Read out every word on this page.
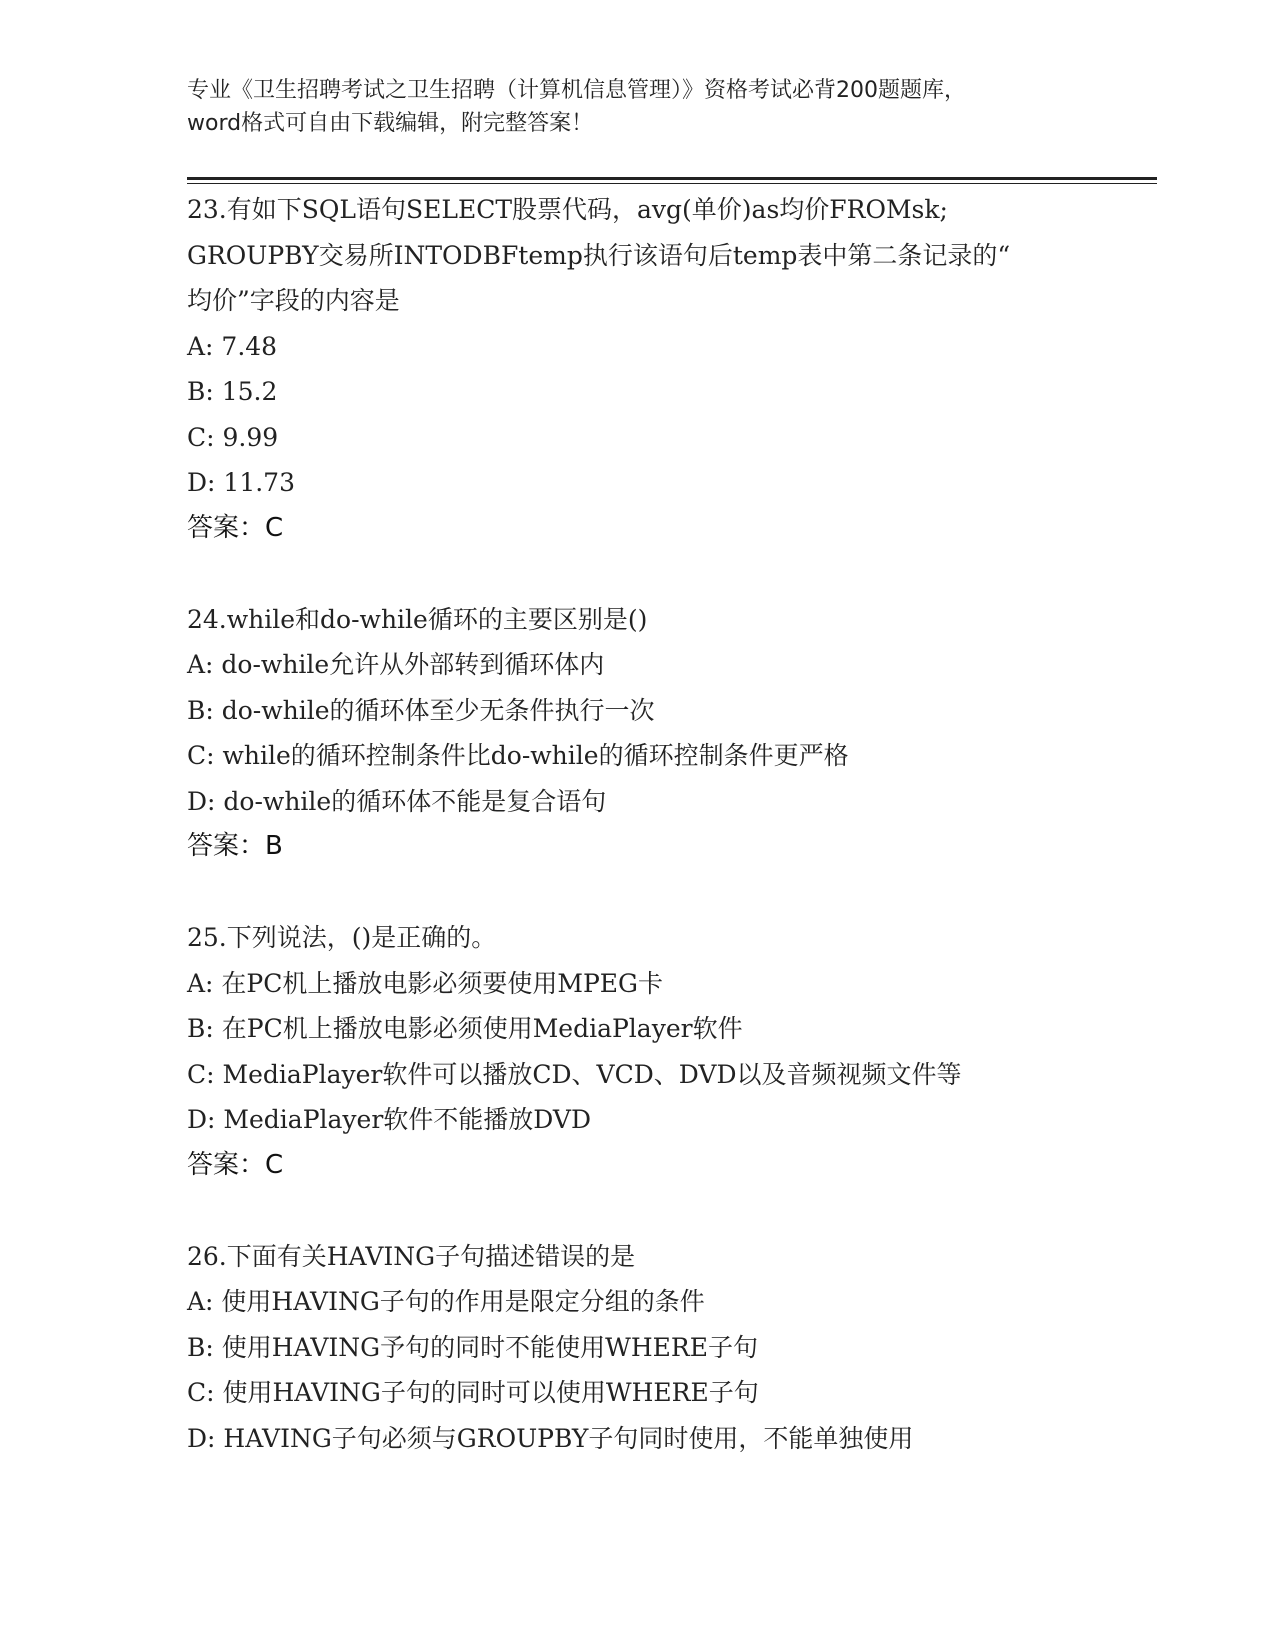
专业《卫生招聘考试之卫生招聘（计算机信息管理）》资格考试必背200题题库，
word格式可自由下载编辑，附完整答案！
23.有如下SQL语句SELECT股票代码，avg(单价)as均价FROMsk;
GROUPBY交易所INTODBFtemp执行该语句后temp表中第二条记录的“
均价”字段的内容是
A: 7.48
B: 15.2
C: 9.99
D: 11.73
答案：C
24.while和do-while循环的主要区别是()
A: do-while允许从外部转到循环体内
B: do-while的循环体至少无条件执行一次
C: while的循环控制条件比do-while的循环控制条件更严格
D: do-while的循环体不能是复合语句
答案：B
25.下列说法，()是正确的。
A: 在PC机上播放电影必须要使用MPEG卡
B: 在PC机上播放电影必须使用MediaPlayer软件
C: MediaPlayer软件可以播放CD、VCD、DVD以及音频视频文件等
D: MediaPlayer软件不能播放DVD
答案：C
26.下面有关HAVING子句描述错误的是
A: 使用HAVING子句的作用是限定分组的条件
B: 使用HAVING予句的同时不能使用WHERE子句
C: 使用HAVING子句的同时可以使用WHERE子句
D: HAVING子句必须与GROUPBY子句同时使用，不能单独使用
